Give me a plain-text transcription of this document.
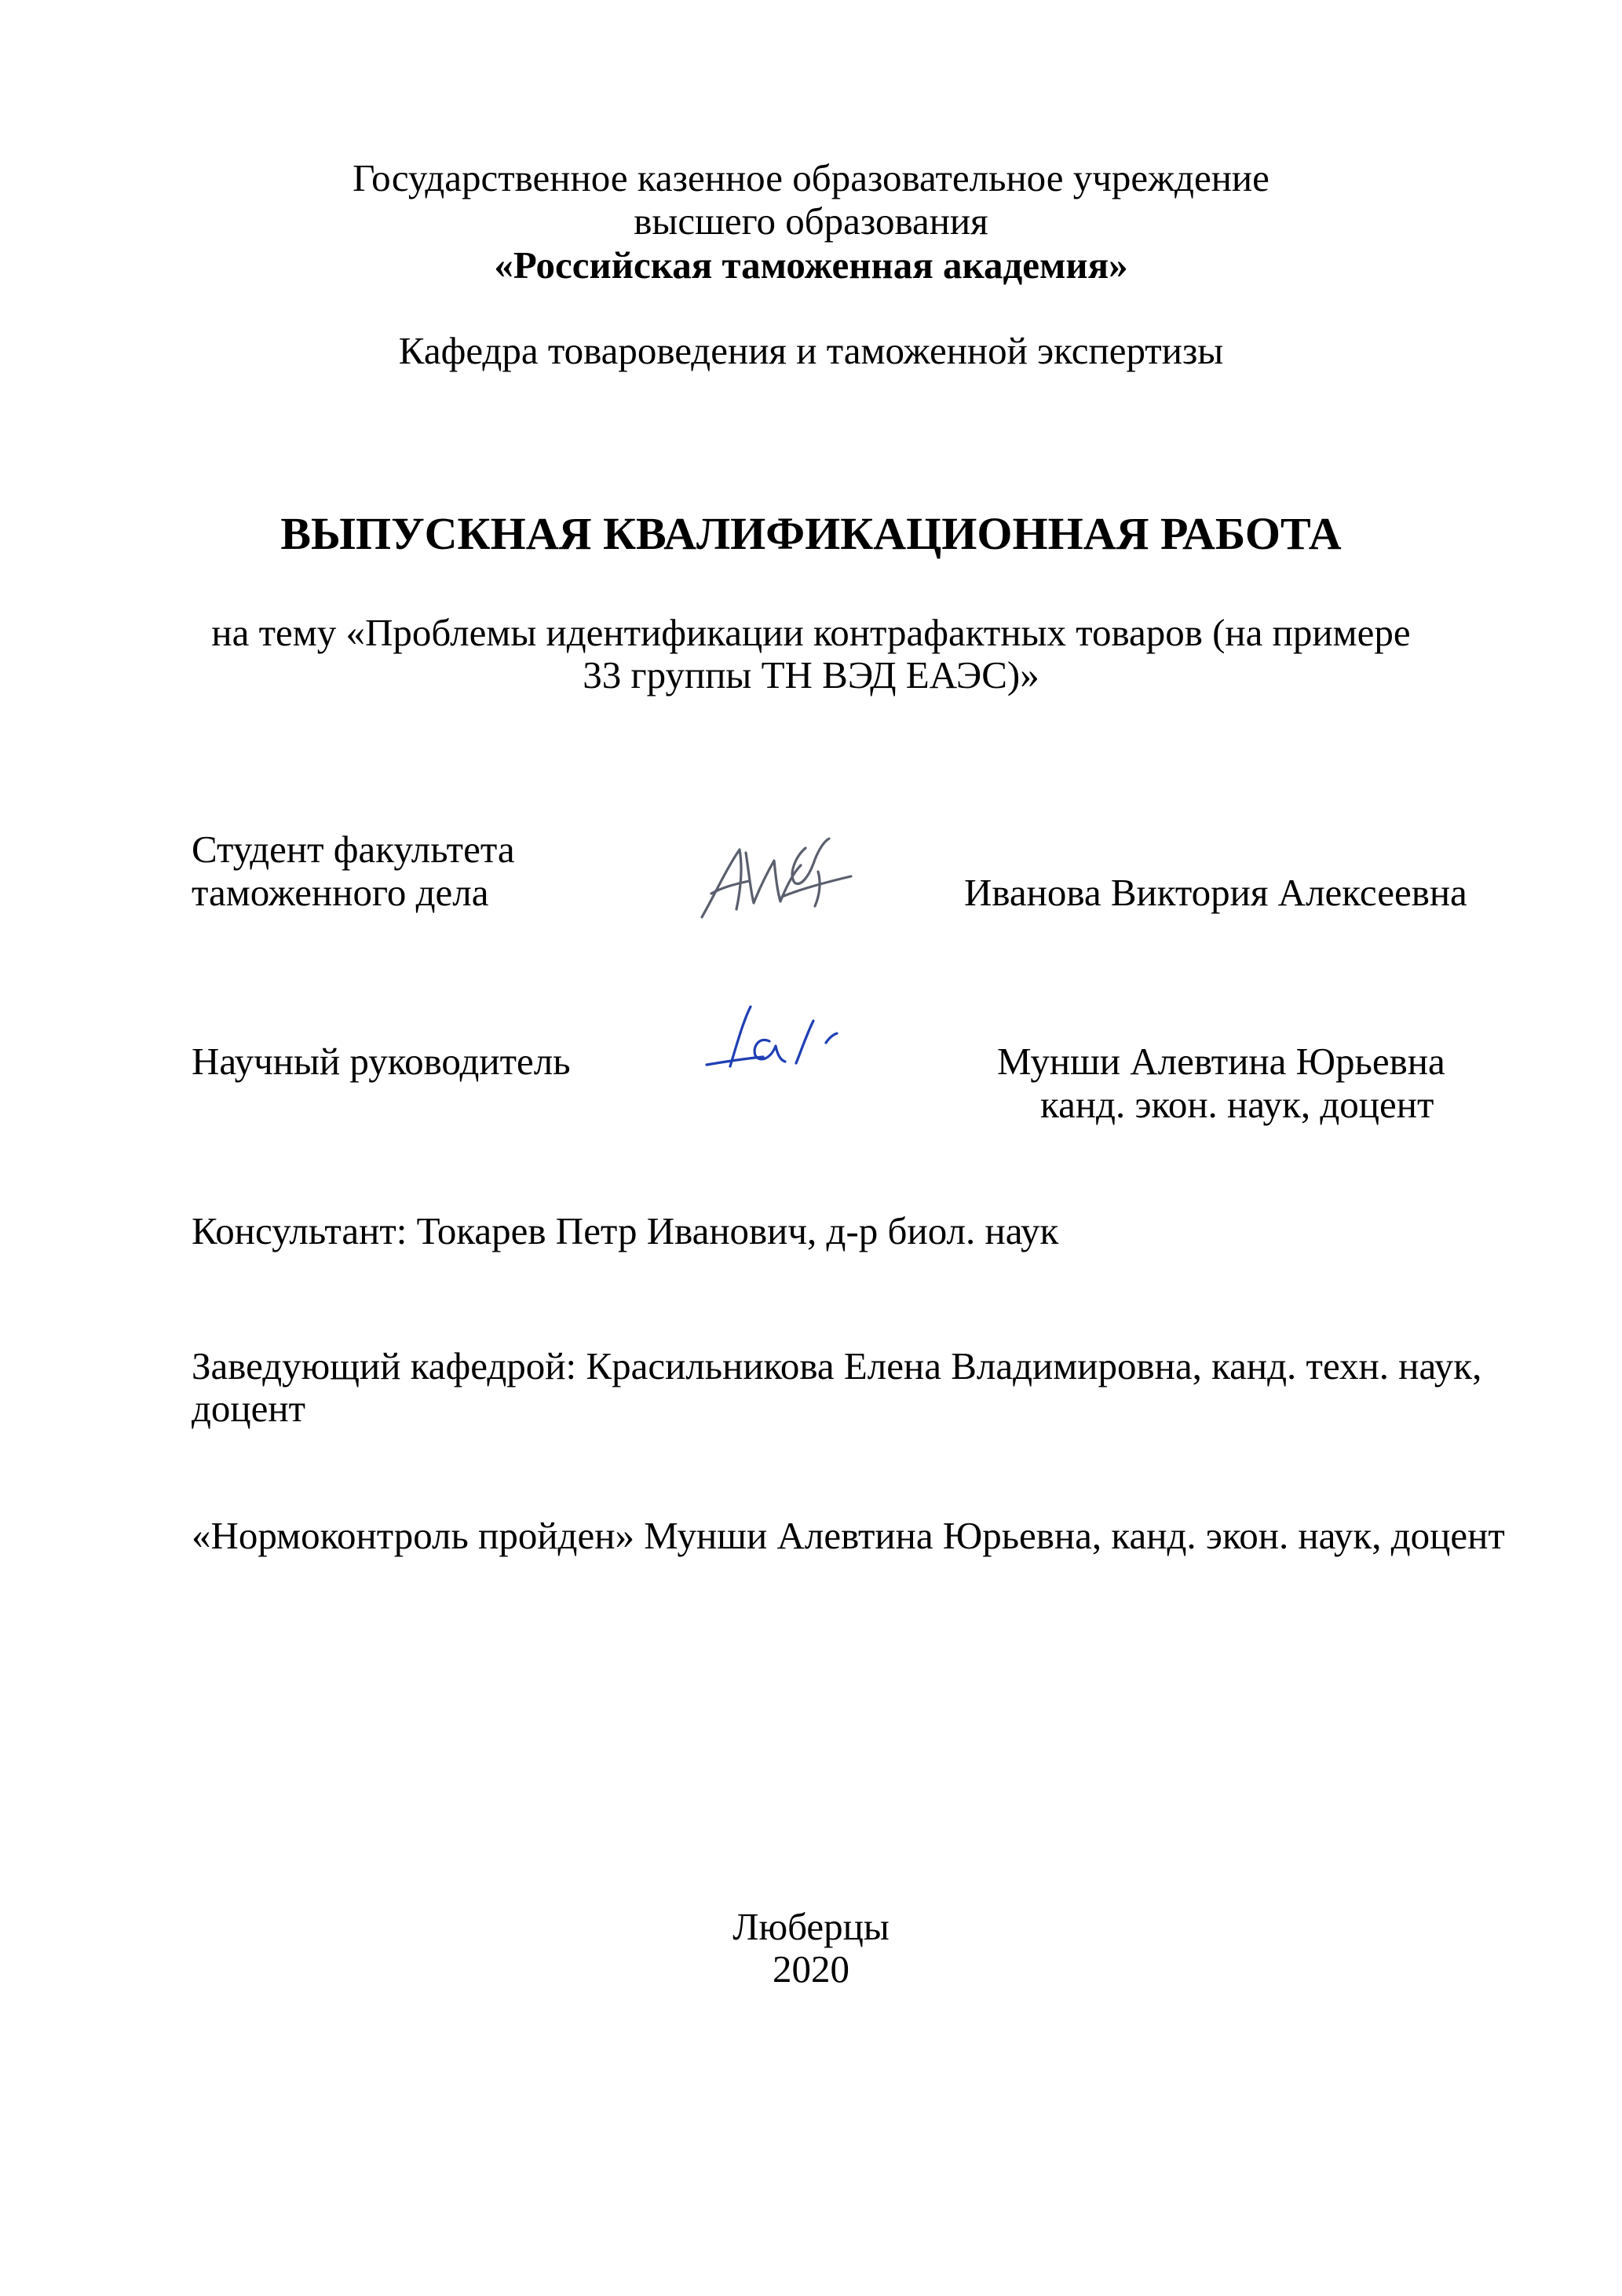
Государственное казенное образовательное учреждение
высшего образования
«Российская таможенная академия»
Кафедра товароведения и таможенной экспертизы
ВЫПУСКНАЯ КВАЛИФИКАЦИОННАЯ РАБОТА
на тему «Проблемы идентификации контрафактных товаров (на примере
33 группы ТН ВЭД ЕАЭС)»
Студент факультета
таможенного дела	Иванова Виктория Алексеевна
Научный руководитель	Мунши Алевтина Юрьевна
канд. экон. наук, доцент
Консультант: Токарев Петр Иванович, д-р биол. наук
Заведующий кафедрой: Красильникова Елена Владимировна, канд. техн. наук,
доцент
«Нормоконтроль пройден» Мунши Алевтина Юрьевна, канд. экон. наук, доцент
Люберцы
2020
